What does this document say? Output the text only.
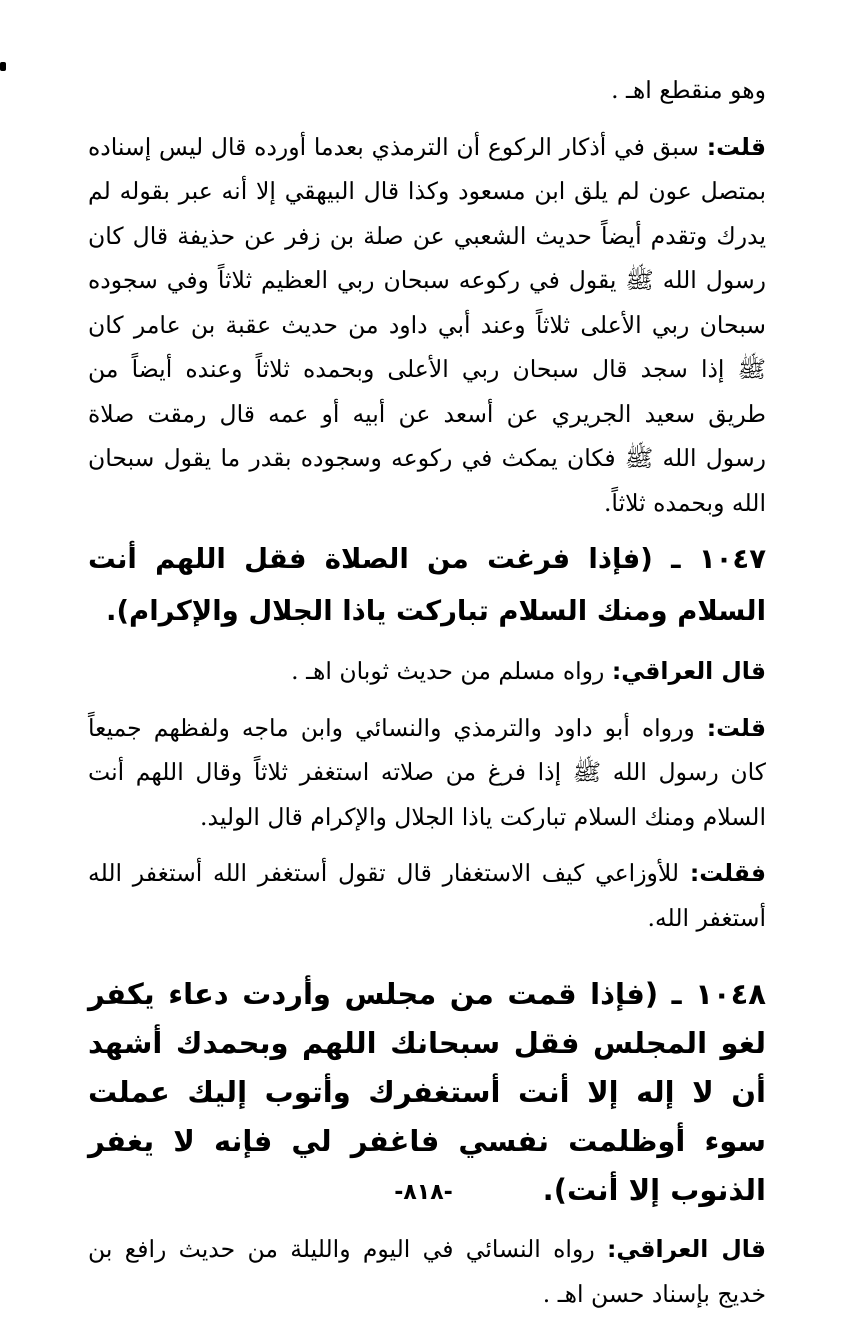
وهو منقطع اهـ .

قلت: سبق في أذكار الركوع أن الترمذي بعدما أورده قال ليس إسناده بمتصل عون لم يلق ابن مسعود وكذا قال البيهقي إلا أنه عبر بقوله لم يدرك وتقدم أيضاً حديث الشعبي عن صلة بن زفر عن حذيفة قال كان رسول الله ﷺ يقول في ركوعه سبحان ربي العظيم ثلاثاً وفي سجوده سبحان ربي الأعلى ثلاثاً وعند أبي داود من حديث عقبة بن عامر كان ﷺ إذا سجد قال سبحان ربي الأعلى وبحمده ثلاثاً وعنده أيضاً من طريق سعيد الجريري عن أسعد عن أبيه أو عمه قال رمقت صلاة رسول الله ﷺ فكان يمكث في ركوعه وسجوده بقدر ما يقول سبحان الله وبحمده ثلاثاً.

١٠٤٧ ـ (فإذا فرغت من الصلاة فقل اللهم أنت السلام ومنك السلام تباركت ياذا الجلال والإكرام).

قال العراقي: رواه مسلم من حديث ثوبان اهـ .

قلت: ورواه أبو داود والترمذي والنسائي وابن ماجه ولفظهم جميعاً كان رسول الله ﷺ إذا فرغ من صلاته استغفر ثلاثاً وقال اللهم أنت السلام ومنك السلام تباركت ياذا الجلال والإكرام قال الوليد.

فقلت: للأوزاعي كيف الاستغفار قال تقول أستغفر الله أستغفر الله أستغفر الله.

١٠٤٨ ـ (فإذا قمت من مجلس وأردت دعاء يكفر لغو المجلس فقل سبحانك اللهم وبحمدك أشهد أن لا إله إلا أنت أستغفرك وأتوب إليك عملت سوء أوظلمت نفسي فاغفر لي فإنه لا يغفر الذنوب إلا أنت).

قال العراقي: رواه النسائي في اليوم والليلة من حديث رافع بن خديج بإسناد حسن اهـ .

-٨١٨-
